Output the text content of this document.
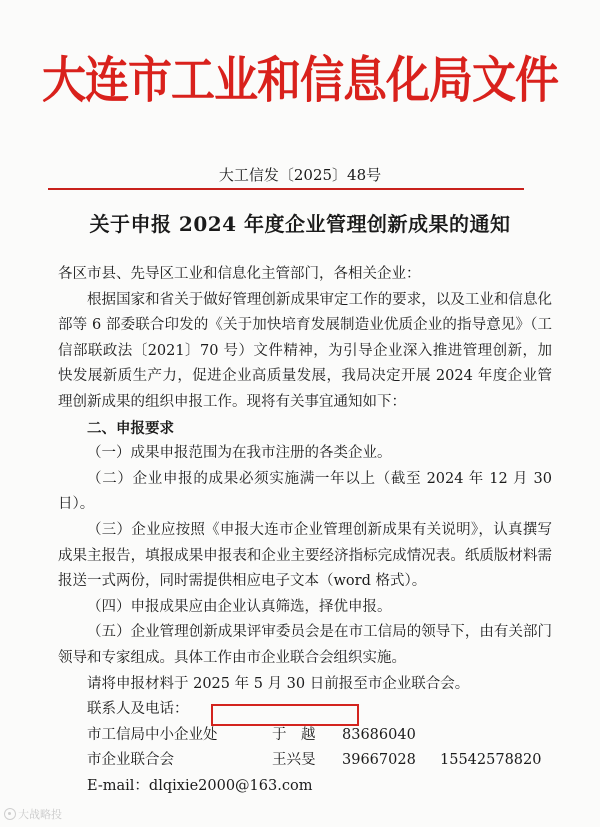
大连市工业和信息化局文件
大工信发〔2025〕48号
关于申报 2024 年度企业管理创新成果的通知

各区市县、先导区工业和信息化主管部门，各相关企业：

根据国家和省关于做好管理创新成果审定工作的要求，以及工业和信息化部等 6 部委联合印发的《关于加快培育发展制造业优质企业的指导意见》（工信部联政法〔2021〕70 号）文件精神，为引导企业深入推进管理创新，加快发展新质生产力，促进企业高质量发展，我局决定开展 2024 年度企业管理创新成果的组织申报工作。现将有关事宜通知如下：

二、申报要求

（一）成果申报范围为在我市注册的各类企业。

（二）企业申报的成果必须实施满一年以上（截至 2024 年 12 月 30 日）。

（三）企业应按照《申报大连市企业管理创新成果有关说明》，认真撰写成果主报告，填报成果申报表和企业主要经济指标完成情况表。纸质版材料需报送一式两份，同时需提供相应电子文本（word 格式）。

（四）申报成果应由企业认真筛选，择优申报。

（五）企业管理创新成果评审委员会是在市工信局的领导下，由有关部门领导和专家组成。具体工作由市企业联合会组织实施。

请将申报材料于 2025 年 5 月 30 日前报至市企业联合会。

联系人及电话：

市工信局中小企业处	于　越 83686040
市企业联合会	王兴旻 39667028 15542578820

E-mail：dlqixie2000@163.com

大战略投
